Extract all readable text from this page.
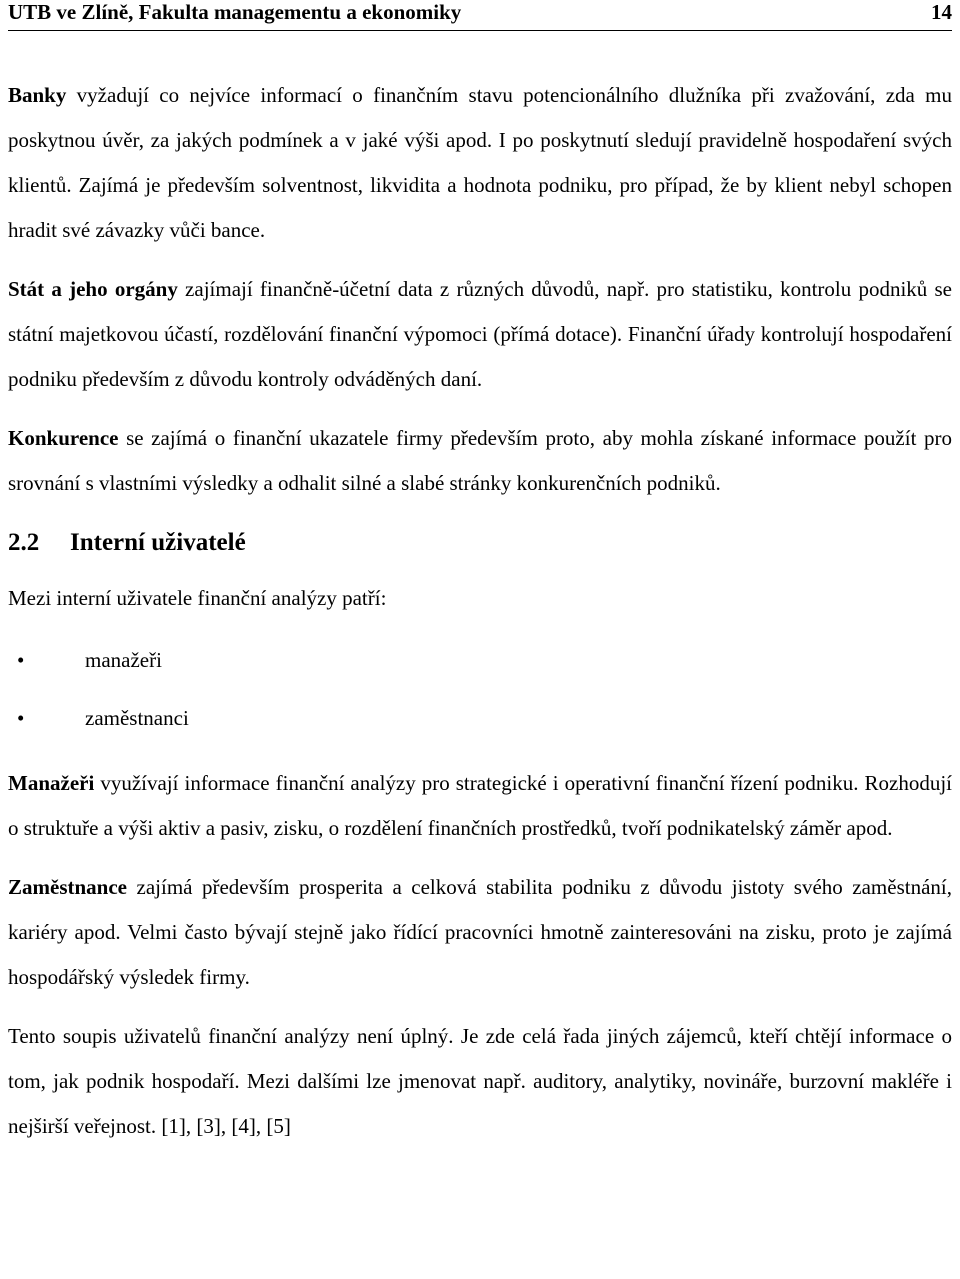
UTB ve Zlíně, Fakulta managementu a ekonomiky	14

Banky vyžadují co nejvíce informací o finančním stavu potencionálního dlužníka při zvažování, zda mu poskytnou úvěr, za jakých podmínek a v jaké výši apod. I po poskytnutí sledují pravidelně hospodaření svých klientů. Zajímá je především solventnost, likvidita a hodnota podniku, pro případ, že by klient nebyl schopen hradit své závazky vůči bance.

Stát a jeho orgány zajímají finančně-účetní data z různých důvodů, např. pro statistiku, kontrolu podniků se státní majetkovou účastí, rozdělování finanční výpomoci (přímá dotace). Finanční úřady kontrolují hospodaření podniku především z důvodu kontroly odváděných daní.

Konkurence se zajímá o finanční ukazatele firmy především proto, aby mohla získané informace použít pro srovnání s vlastními výsledky a odhalit silné a slabé stránky konkurenčních podniků.

2.2 Interní uživatelé

Mezi interní uživatele finanční analýzy patří:

•	manažeři
•	zaměstnanci

Manažeři využívají informace finanční analýzy pro strategické i operativní finanční řízení podniku. Rozhodují o struktuře a výši aktiv a pasiv, zisku, o rozdělení finančních prostředků, tvoří podnikatelský záměr apod.

Zaměstnance zajímá především prosperita a celková stabilita podniku z důvodu jistoty svého zaměstnání, kariéry apod. Velmi často bývají stejně jako řídící pracovníci hmotně zainteresováni na zisku, proto je zajímá hospodářský výsledek firmy.

Tento soupis uživatelů finanční analýzy není úplný. Je zde celá řada jiných zájemců, kteří chtějí informace o tom, jak podnik hospodaří. Mezi dalšími lze jmenovat např. auditory, analytiky, novináře, burzovní makléře i nejširší veřejnost. [1], [3], [4], [5]
